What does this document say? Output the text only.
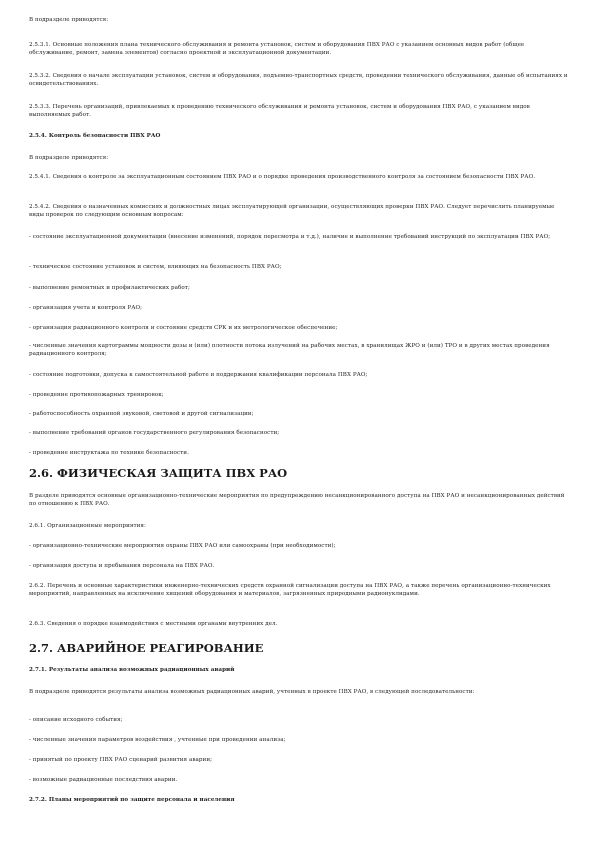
В подразделе приводятся:

2.5.3.1. Основные положения плана технического обслуживания и ремонта установок, систем и оборудования ПВХ РАО с указанием основных видов работ (общее обслуживание, ремонт, замена элементов) согласно проектной и эксплуатационной документации.

2.5.3.2. Сведения о начале эксплуатации установок, систем и оборудования, подъемно-транспортных средств, проведении технического обслуживания, данные об испытаниях и освидетельствованиях.

2.5.3.3. Перечень организаций, привлекаемых к проведению технического обслуживания и ремонта установок, систем и оборудования ПВХ РАО, с указанием видов выполняемых работ.

2.5.4. Контроль безопасности ПВХ РАО

В подразделе приводятся:

2.5.4.1. Сведения о контроле за эксплуатационным состоянием ПВХ РАО и о порядке проведения производственного контроля за состоянием безопасности ПВХ РАО.

2.5.4.2. Сведения о назначенных комиссиях и должностных лицах эксплуатирующей организации, осуществляющих проверки ПВХ РАО. Следует перечислить планируемые виды проверок по следующим основным вопросам:

- состояние эксплуатационной документации (внесение изменений, порядок пересмотра и т.д.), наличие и выполнение требований инструкций по эксплуатации ПВХ РАО;

- техническое состояние установок и систем, влияющих на безопасность ПВХ РАО;

- выполнение ремонтных и профилактических работ;

- организация учета и контроля РАО;

- организация радиационного контроля и состояние средств СРК и их метрологическое обеспечение;

- численные значения картограммы мощности дозы и (или) плотности потока излучений на рабочих местах, в хранилищах ЖРО и (или) ТРО и в других местах проведения радиационного контроля;

- состояние подготовки, допуска к самостоятельной работе и поддержания квалификации персонала ПВХ РАО;

- проведение противопожарных тренировок;

- работоспособность охранной звуковой, световой и другой сигнализации;

- выполнение требований органов государственного регулирования безопасности;

- проведение инструктажа по технике безопасности.

2.6. ФИЗИЧЕСКАЯ ЗАЩИТА ПВХ РАО

В разделе приводятся основные организационно-технические мероприятия по предупреждению несанкционированного доступа на ПВХ РАО и несанкционированных действий по отношению к ПВХ РАО.

2.6.1. Организационные мероприятия:

- организационно-технические мероприятия охраны ПВХ РАО или самоохраны (при необходимости);

- организация доступа и пребывания персонала на ПВХ РАО.

2.6.2. Перечень и основные характеристики инженерно-технических средств охранной сигнализации доступа на ПВХ РАО, а также перечень организационно-технических мероприятий, направленных на исключение хищений оборудования и материалов, загрязненных природными радионуклидами.

2.6.3. Сведения о порядке взаимодействия с местными органами внутренних дел.

2.7. АВАРИЙНОЕ РЕАГИРОВАНИЕ

2.7.1. Результаты анализа возможных радиационных аварий

В подразделе приводятся результаты анализа возможных радиационных аварий, учтенных в проекте ПВХ РАО, в следующей последовательности:

- описание исходного события;

- численные значения параметров воздействия , учтенные при проведении анализа;

- принятый по проекту ПВХ РАО сценарий развития аварии;

- возможные радиационные последствия аварии.

2.7.2. Планы мероприятий по защите персонала и населения
